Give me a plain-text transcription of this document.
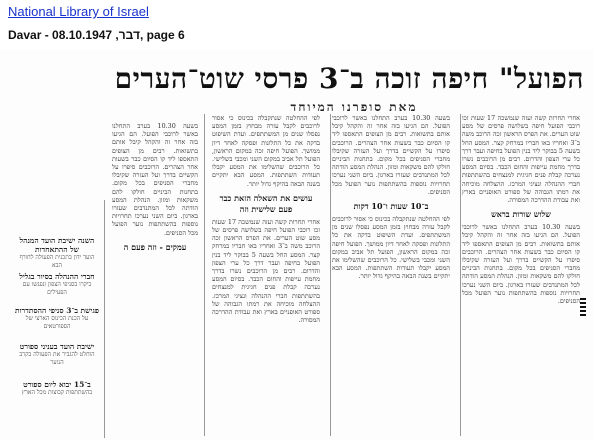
National Library of Israel
Davar - דבר, 08.10.1947, page 6
הפועל" חיפה זוכה ב־3 פרסי שוט־הערים
מאת סופרנו המיוחד
אחרי תחרות קשה ועזה שנמשכה 17 שעות זכו רוכבי הפועל חיפה בשלושה פרסים של מסע שוט הערים. את הפרס הראשון זכה הרוכב משה ב־3 ואחריו באו חבריו במרחק קצר. המסע החל בשעה 5 בבוקר ליד בנין הפועל בחיפה ועבר דרך כל ערי הצפון והדרום. רבים מן הרוכבים נשרו בדרך מחמת עייפות והחום הכבד. בסיום המסע נערכה קבלת פנים חגיגית למנצחים בהשתתפות חברי ההנהלה ונציגי המרכז. ההצלחה מוכיחה את רמתו הגבוהה של ספורט האופניים בארץ ואת עבודת ההדרכה המסורה.
שלוש שורות בראש
בשעה 10.30 בערב התחלנו באשר לרוכבי הפועל. הם הגיעו בזה אחר זה והקהל קיבל אותם בתשואות. רבים מן הצופים התאספו ליד קו הסיום כבר בשעות אחר הצהרים. הרוכבים סיפרו על הקשיים בדרך ועל העזרה שקיבלו מחברי הסניפים בכל מקום. בתחנות הביניים חולקו להם משקאות ומזון. הנהלת המסע הודתה לכל המתנדבים שעזרו בארגון. ביום השני נערכו תחרויות נוספות בהשתתפות נוער הפועל מכל הסניפים.
בשעה 10.30 בערב התחלנו באשר לרוכבי הפועל. הם הגיעו בזה אחר זה והקהל קיבל אותם בתשואות. רבים מן הצופים התאספו ליד קו הסיום כבר בשעות אחר הצהרים. הרוכבים סיפרו על הקשיים בדרך ועל העזרה שקיבלו מחברי הסניפים בכל מקום. בתחנות הביניים חולקו להם משקאות ומזון. הנהלת המסע הודתה לכל המתנדבים שעזרו בארגון. ביום השני נערכו תחרויות נוספות בהשתתפות נוער הפועל מכל הסניפים.
ב־10 שעות ו־10 דקות
לפי ההחלטה שנתקבלה בכינוס כי אסור לרוכבים לקבל עזרה מבחוץ בזמן המסע נפסלו שנים מן המשתתפים. ועדת השיפוט בדקה את כל התלונות ופסקה לאחר דיון ממושך. הפועל חיפה זכה במקום הראשון, הפועל תל אביב במקום השני ומכבי בשלישי. כל הרוכבים שהשלימו את המסע יקבלו תעודות השתתפות. המסע הבא יתקיים בשנה הבאה בהיקף גדול יותר.
לפי ההחלטה שנתקבלה בכינוס כי אסור לרוכבים לקבל עזרה מבחוץ בזמן המסע נפסלו שנים מן המשתתפים. ועדת השיפוט בדקה את כל התלונות ופסקה לאחר דיון ממושך. הפועל חיפה זכה במקום הראשון, הפועל תל אביב במקום השני ומכבי בשלישי. כל הרוכבים שהשלימו את המסע יקבלו תעודות השתתפות. המסע הבא יתקיים בשנה הבאה בהיקף גדול יותר.
עושים את השאלה הזאת כבר פעם שלישית וזה
אחרי תחרות קשה ועזה שנמשכה 17 שעות זכו רוכבי הפועל חיפה בשלושה פרסים של מסע שוט הערים. את הפרס הראשון זכה הרוכב משה ב־3 ואחריו באו חבריו במרחק קצר. המסע החל בשעה 5 בבוקר ליד בנין הפועל בחיפה ועבר דרך כל ערי הצפון והדרום. רבים מן הרוכבים נשרו בדרך מחמת עייפות והחום הכבד. בסיום המסע נערכה קבלת פנים חגיגית למנצחים בהשתתפות חברי ההנהלה ונציגי המרכז. ההצלחה מוכיחה את רמתו הגבוהה של ספורט האופניים בארץ ואת עבודת ההדרכה המסורה.
בשעה 10.30 בערב התחלנו באשר לרוכבי הפועל. הם הגיעו בזה אחר זה והקהל קיבל אותם בתשואות. רבים מן הצופים התאספו ליד קו הסיום כבר בשעות אחר הצהרים. הרוכבים סיפרו על הקשיים בדרך ועל העזרה שקיבלו מחברי הסניפים בכל מקום. בתחנות הביניים חולקו להם משקאות ומזון. הנהלת המסע הודתה לכל המתנדבים שעזרו בארגון. ביום השני נערכו תחרויות נוספות בהשתתפות נוער הפועל מכל הסניפים.
עמקים - וזה פעם ה
השנה ישיבת הועד המנהל של ההתאחדות
הועד ידון בתכנית הפעולה לחורף הבא
חברי ההנהלה בסיור בגליל
ביקרו בסניפי הצפון ונפגשו עם הפעילים
פגישת ב־3 סניפי ההסתדרות
על הכנת הכינוס הארצי של הספורטאים
ישיבת הועד בעניני ספורט
הוחלט להגביר את הפעולה בקרב הנוער
ב־15 יבוא ליום ספורט
בהשתתפות קבוצות מכל הארץ
